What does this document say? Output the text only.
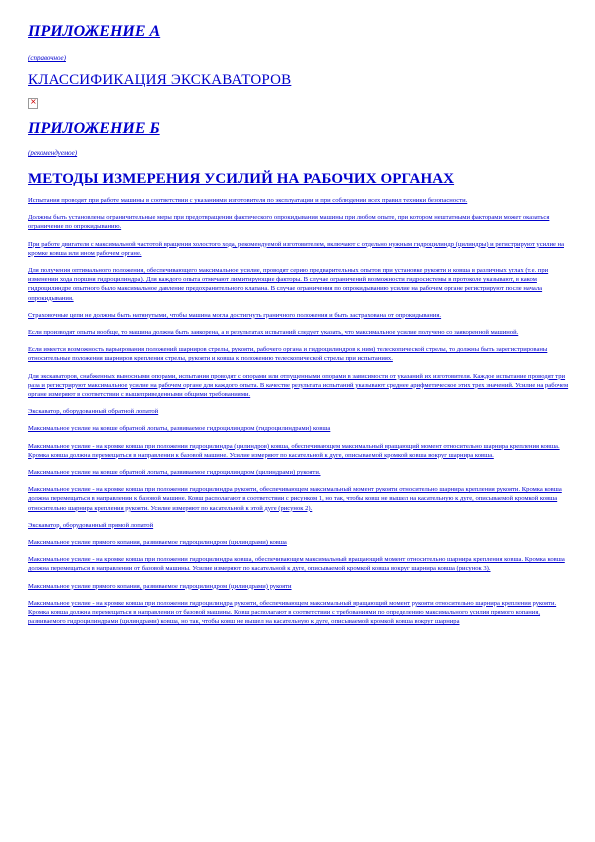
ПРИЛОЖЕНИЕ А

(справочное)

КЛАССИФИКАЦИЯ ЭКСКАВАТОРОВ
×
ПРИЛОЖЕНИЕ Б

(рекомендуемое)

МЕТОДЫ ИЗМЕРЕНИЯ УСИЛИЙ НА РАБОЧИХ ОРГАНАХ

Испытания проводят при работе машины в соответствии с указаниями изготовителя по эксплуатации и при соблюдении всех правил техники безопасности.

Должны быть установлены ограничительные меры при предотвращении фактического опрокидывания машины при любом опыте, при котором нештатными факторами может оказаться ограничение по опрокидыванию.

При работе двигателя с максимальной частотой вращения холостого хода, рекомендуемой изготовителем, включают с отдельно нужным гидроцилиндр (цилиндры) и регистрируют усилие на кромке ковша или ином рабочем органе.

Для получения оптимального положения, обеспечивающего максимальное усилие, проводят серию предварительных опытов при установке рукояти и ковша в различных углах (т.е. при изменении хода поршня гидроцилиндра). Для каждого опыта отмечают лимитирующие факторы. В случае ограничений возможности гидросистемы в протоколе указывают, в каком гидроцилиндре опытного было максимальное давление предохранительного клапана. В случае ограничения по опрокидыванию усилие на рабочем органе регистрируют после начала опрокидывания.

Страховочные цепи не должны быть натянутыми, чтобы машина могла достигнуть граничного положения и быть застрахована от опрокидывания.

Если производят опыты вообще, то машина должна быть заякорена, а в результатах испытаний следует указать, что максимальное усилие получено со заякоренной машиной.

Если имеется возможность варьирования положений шарниров стрелы, рукояти, рабочего органа и гидроцилиндров к ним) телескопической стрелы, то должны быть зарегистрированы относительные положения шарниров крепления стрелы, рукояти и ковша к положению телескопической стрелы при испытаниях.

Для экскаваторов, снабженных выносными опорами, испытания проводят с опорами или отпущенными опорами в зависимости от указаний их изготовителя. Каждое испытание проводят три раза и регистрируют максимальное усилие на рабочем органе для каждого опыта. В качестве результата испытаний указывают среднее арифметическое этих трех значений. Усилие на рабочем органе измеряют в соответствии с вышеприведенными общими требованиями.

Экскаватор, оборудованный обратной лопатой

Максимальное усилие на ковше обратной лопаты, развиваемое гидроцилиндром (гидроцилиндрами) ковша

Максимальное усилие - на кромке ковша при положении гидроцилиндра (цилиндров) ковша, обеспечивающем максимальный вращающий момент относительно шарнира крепления ковша. Кромка ковша должна перемещаться в направлении к базовой машине. Усилие измеряют по касательной к дуге, описываемой кромкой ковша вокруг шарнира ковша.

Максимальное усилие на ковше обратной лопаты, развиваемое гидроцилиндром (цилиндрами) рукояти.

Максимальное усилие - на кромке ковша при положении гидроцилиндра рукояти, обеспечивающем максимальный момент рукояти относительно шарнира крепления рукояти. Кромка ковша должна перемещаться в направлении к базовой машине. Ковш располагают в соответствии с рисунком 1, но так, чтобы ковш не вышел на касательную к дуге, описываемой кромкой ковша относительно шарнира крепления рукояти. Усилие измеряют по касательной к этой дуге (рисунок 2).

Экскаватор, оборудованный прямой лопатой

Максимальное усилие прямого копания, развиваемое гидроцилиндром (цилиндрами) ковша

Максимальное усилие - на кромке ковша при положении гидроцилиндра ковша, обеспечивающем максимальный вращающий момент относительно шарнира крепления ковша. Кромка ковша должна перемещаться в направлении от базовой машины. Усилие измеряют по касательной к дуге, описываемой кромкой ковша вокруг шарнира ковша (рисунок 3).

Максимальное усилие прямого копания, развиваемое гидроцилиндром (цилиндрами) рукояти

Максимальное усилие - на кромке ковша при положении гидроцилиндра рукояти, обеспечивающем максимальный вращающий момент рукояти относительно шарнира крепления рукояти. Кромка ковша должна перемещаться в направлении от базовой машины. Ковш располагают в соответствии с требованиями по определению максимального усилия прямого копания, развиваемого гидроцилиндрами (цилиндрами) ковша, но так, чтобы ковш не вышел на касательную к дуге, описываемой кромкой ковша вокруг шарнира
